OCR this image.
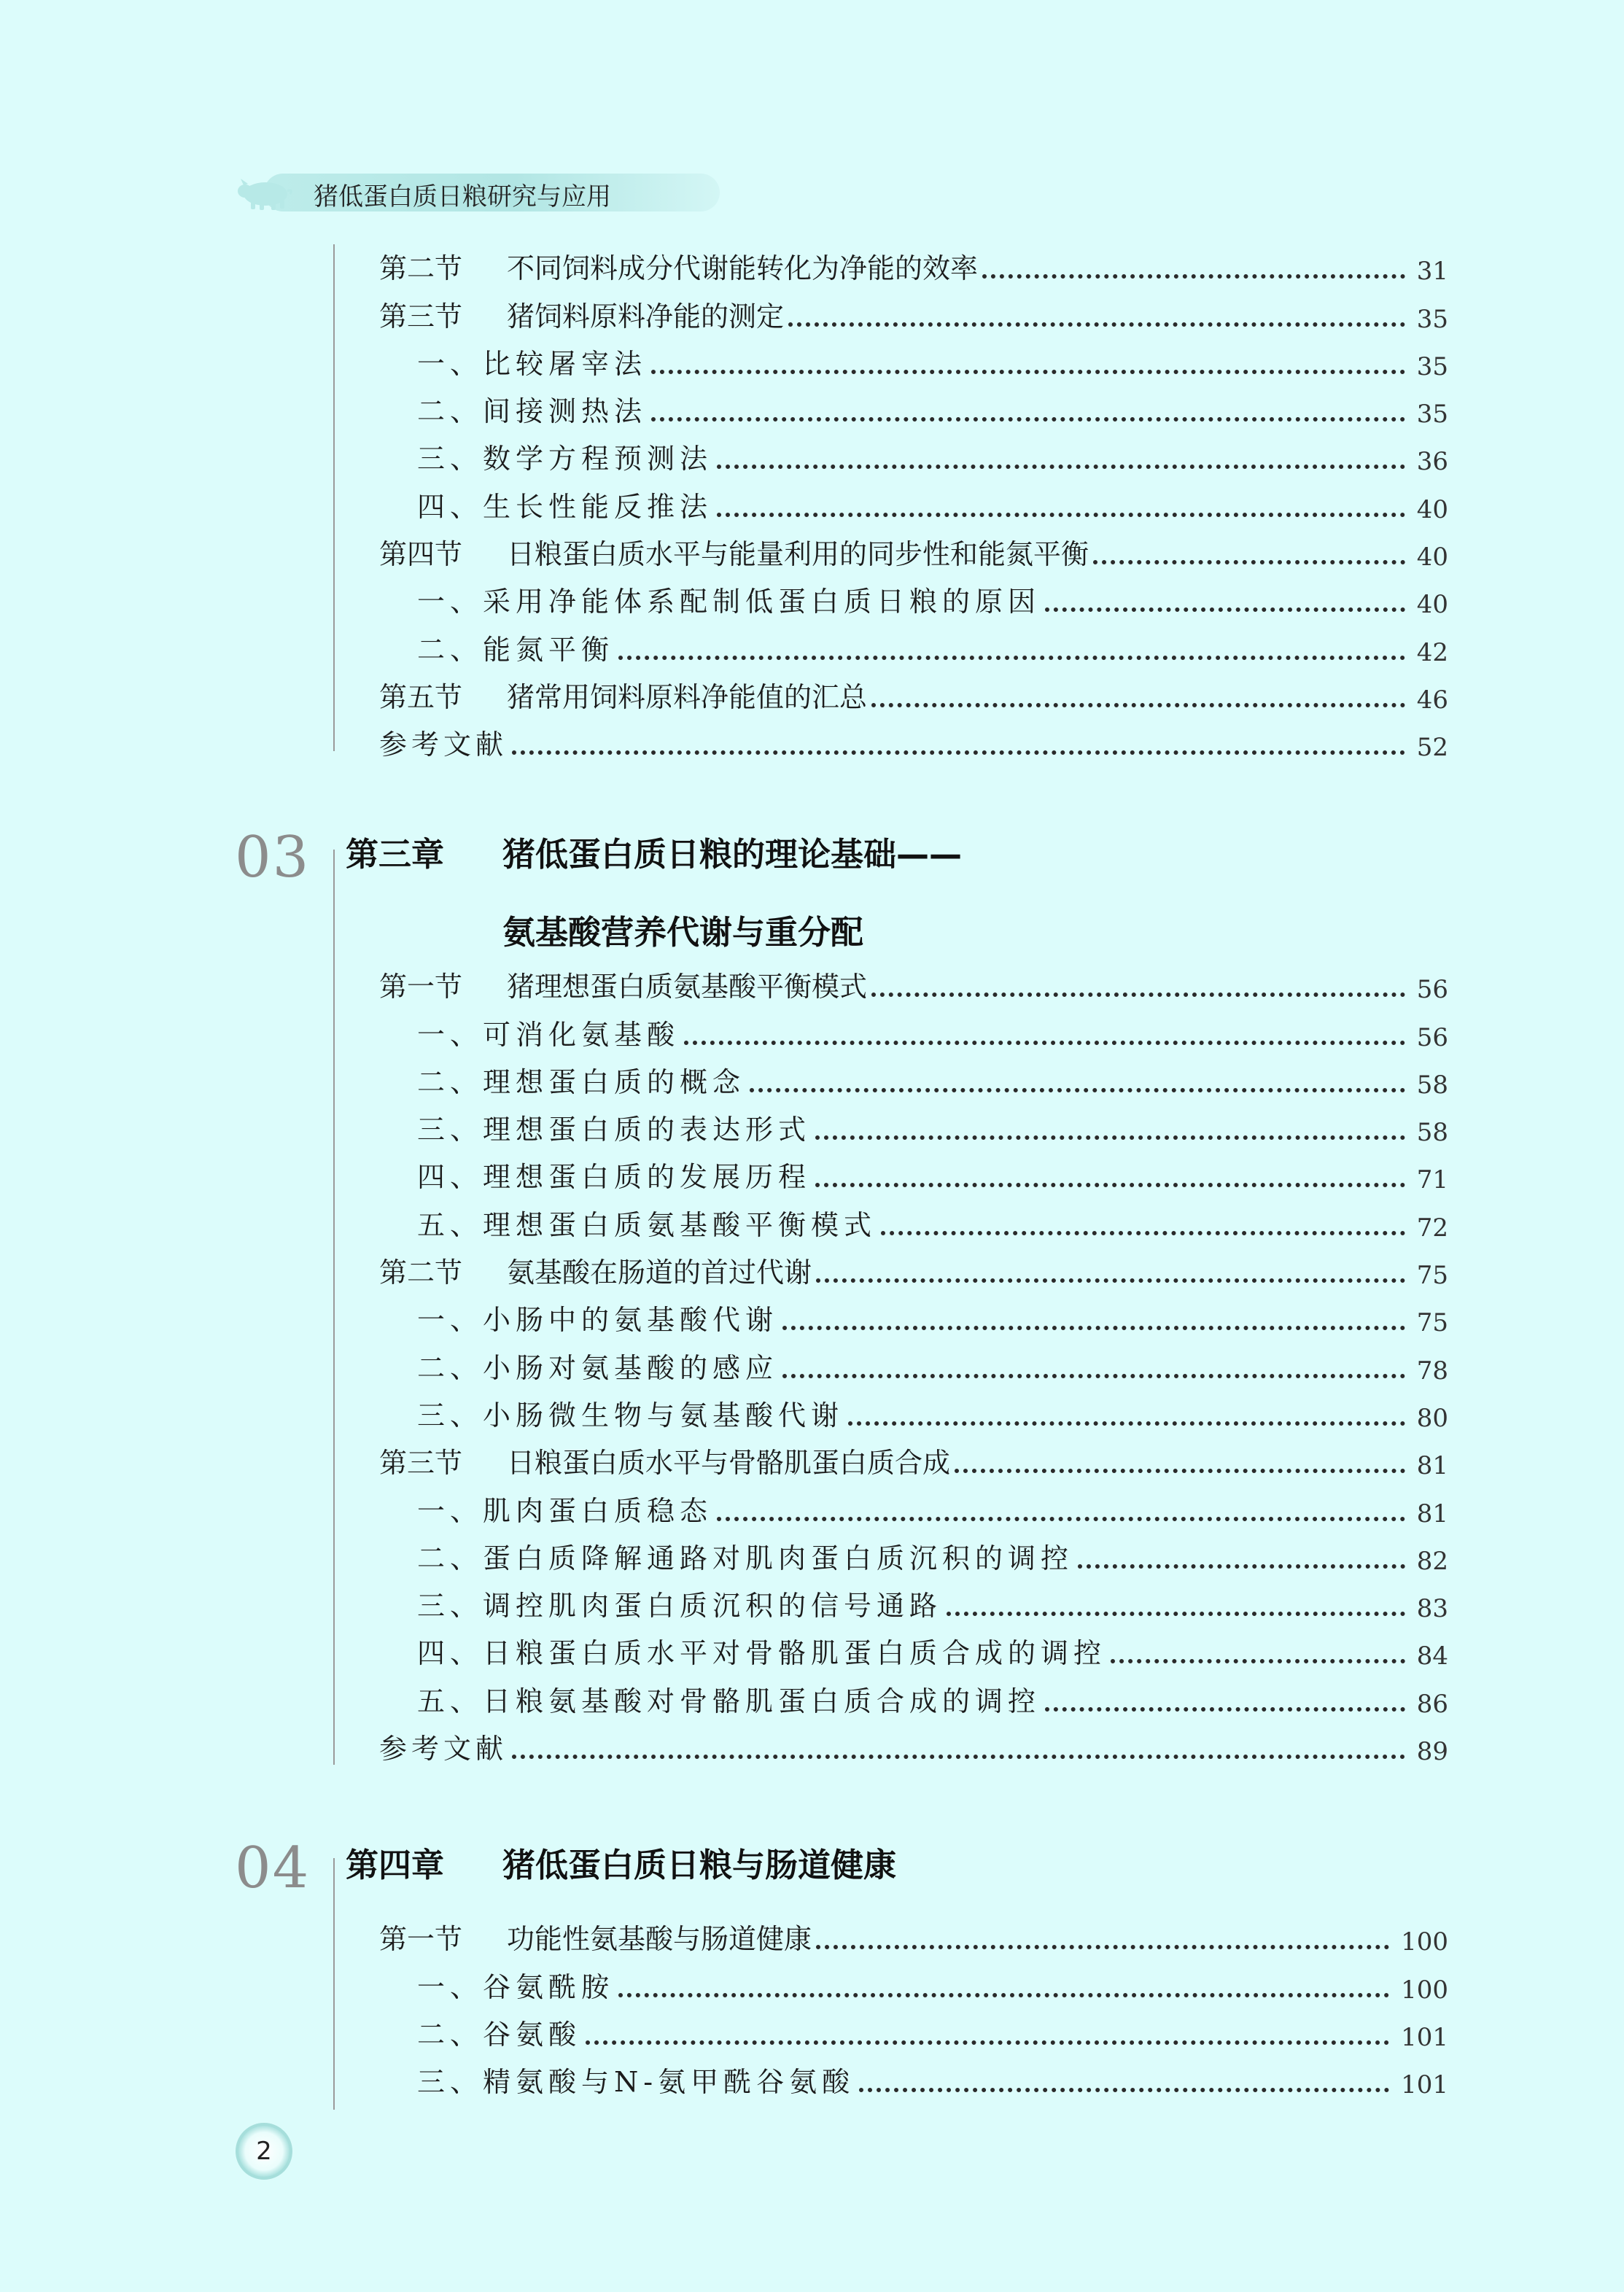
猪低蛋白质日粮研究与应用
第二节 不同饲料成分代谢能转化为净能的效率	31
第三节 猪饲料原料净能的测定	35
一、比较屠宰法	35
二、间接测热法	35
三、数学方程预测法	36
四、生长性能反推法	40
第四节 日粮蛋白质水平与能量利用的同步性和能氮平衡	40
一、采用净能体系配制低蛋白质日粮的原因	40
二、能氮平衡	42
第五节 猪常用饲料原料净能值的汇总	46
参考文献	52
03 第三章 猪低蛋白质日粮的理论基础——
氨基酸营养代谢与重分配
第一节 猪理想蛋白质氨基酸平衡模式	56
一、可消化氨基酸	56
二、理想蛋白质的概念	58
三、理想蛋白质的表达形式	58
四、理想蛋白质的发展历程	71
五、理想蛋白质氨基酸平衡模式	72
第二节 氨基酸在肠道的首过代谢	75
一、小肠中的氨基酸代谢	75
二、小肠对氨基酸的感应	78
三、小肠微生物与氨基酸代谢	80
第三节 日粮蛋白质水平与骨骼肌蛋白质合成	81
一、肌肉蛋白质稳态	81
二、蛋白质降解通路对肌肉蛋白质沉积的调控	82
三、调控肌肉蛋白质沉积的信号通路	83
四、日粮蛋白质水平对骨骼肌蛋白质合成的调控	84
五、日粮氨基酸对骨骼肌蛋白质合成的调控	86
参考文献	89
04 第四章 猪低蛋白质日粮与肠道健康
第一节 功能性氨基酸与肠道健康	100
一、谷氨酰胺	100
二、谷氨酸	101
三、精氨酸与N-氨甲酰谷氨酸	101
2
